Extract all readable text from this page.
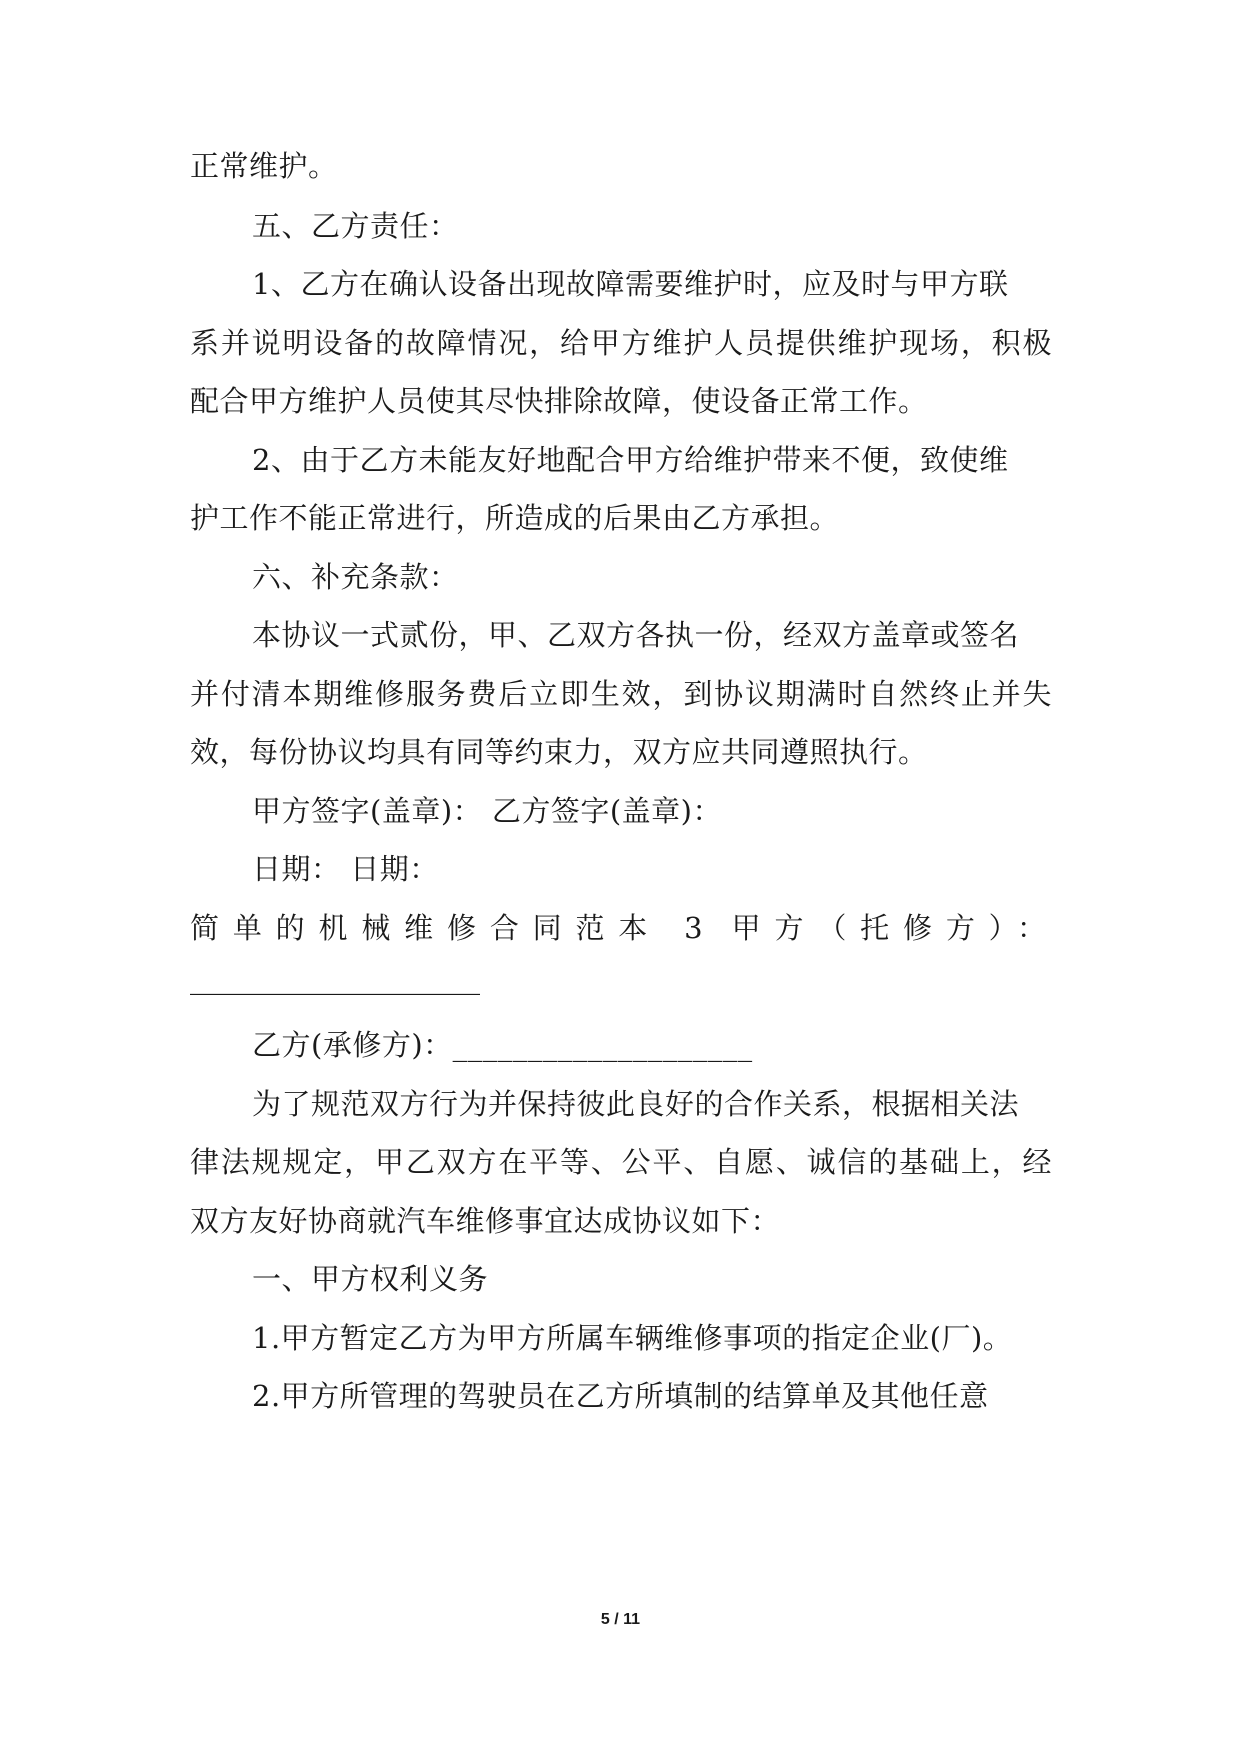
正常维护。
五、乙方责任：
1、乙方在确认设备出现故障需要维护时，应及时与甲方联
系并说明设备的故障情况，给甲方维护人员提供维护现场，积极
配合甲方维护人员使其尽快排除故障，使设备正常工作。
2、由于乙方未能友好地配合甲方给维护带来不便，致使维
护工作不能正常进行，所造成的后果由乙方承担。
六、补充条款：
本协议一式贰份，甲、乙双方各执一份，经双方盖章或签名
并付清本期维修服务费后立即生效，到协议期满时自然终止并失
效，每份协议均具有同等约束力，双方应共同遵照执行。
甲方签字(盖章)： 乙方签字(盖章)：
日期： 日期：
简单的机械维修合同范本 3 甲方（托修方）：
____________________
乙方(承修方)：____________________
为了规范双方行为并保持彼此良好的合作关系，根据相关法
律法规规定，甲乙双方在平等、公平、自愿、诚信的基础上，经
双方友好协商就汽车维修事宜达成协议如下：
一、甲方权利义务
1.甲方暂定乙方为甲方所属车辆维修事项的指定企业(厂)。
2.甲方所管理的驾驶员在乙方所填制的结算单及其他任意
5 / 11
